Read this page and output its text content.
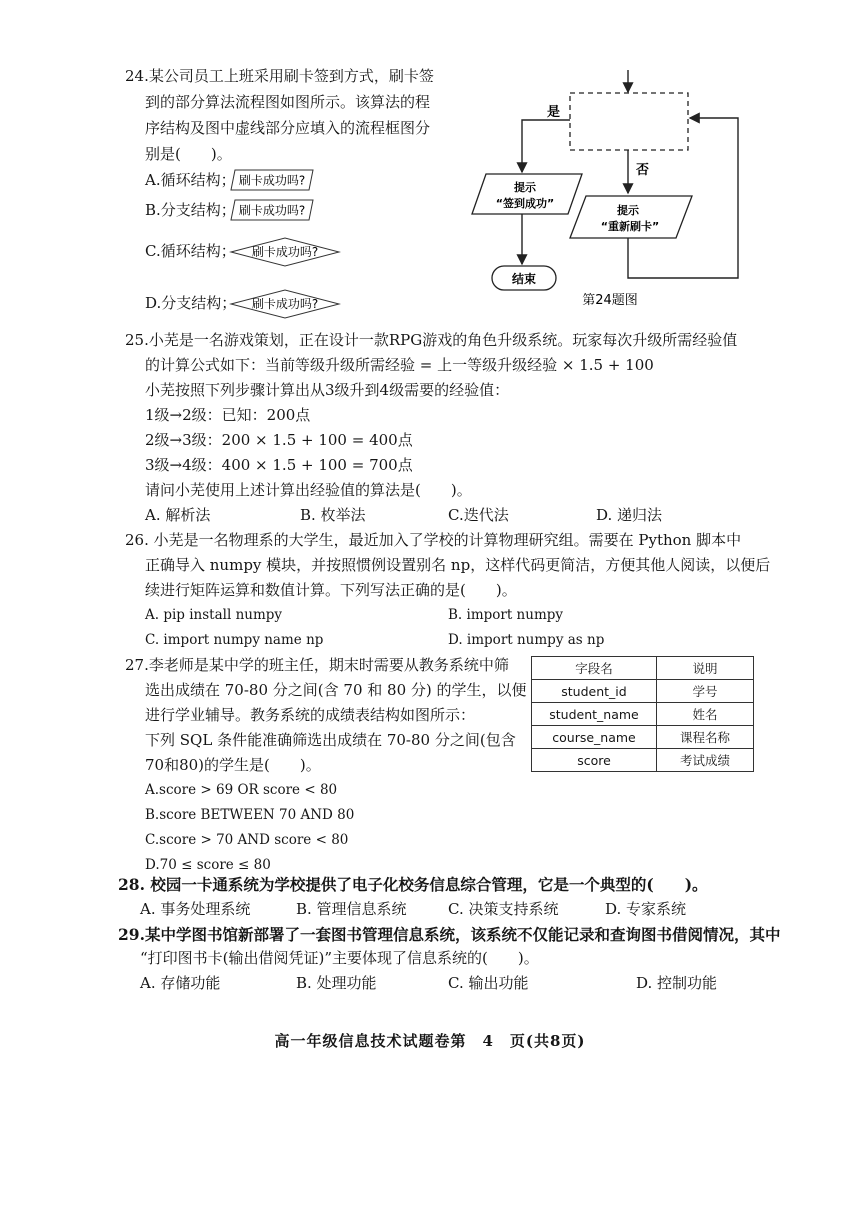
24.某公司员工上班采用刷卡签到方式，刷卡签
到的部分算法流程图如图所示。该算法的程
序结构及图中虚线部分应填入的流程框图分
别是(　　)。
A.循环结构； 刷卡成功吗?
B.分支结构； 刷卡成功吗?
C.循环结构； 刷卡成功吗?
D.分支结构； 刷卡成功吗?
是
提示
“签到成功”
结束
否
提示
“重新刷卡”
第24题图
25.小芜是一名游戏策划，正在设计一款RPG游戏的角色升级系统。玩家每次升级所需经验值
的计算公式如下：当前等级升级所需经验 = 上一等级升级经验 × 1.5 + 100
小芜按照下列步骤计算出从3级升到4级需要的经验值：
1级→2级：已知：200点
2级→3级：200 × 1.5 + 100 = 400点
3级→4级：400 × 1.5 + 100 = 700点
请问小芜使用上述计算出经验值的算法是(　　)。
A. 解析法	B. 枚举法	C.迭代法	D. 递归法
26. 小芜是一名物理系的大学生，最近加入了学校的计算物理研究组。需要在 Python 脚本中
正确导入 numpy 模块，并按照惯例设置别名 np，这样代码更简洁，方便其他人阅读，以便后
续进行矩阵运算和数值计算。下列写法正确的是(　　)。
A. pip install numpy	B. import numpy
C. import numpy name np	D. import numpy as np
27.李老师是某中学的班主任，期末时需要从教务系统中筛
选出成绩在 70-80 分之间(含 70 和 80 分) 的学生，以便
进行学业辅导。教务系统的成绩表结构如图所示：
下列 SQL 条件能准确筛选出成绩在 70-80 分之间(包含
70和80)的学生是(　　)。
A.score > 69 OR score < 80
B.score BETWEEN 70 AND 80
C.score > 70 AND score < 80
D.70 ≤ score ≤ 80
字段名	说明
student_id	学号
student_name	姓名
course_name	课程名称
score	考试成绩
28. 校园一卡通系统为学校提供了电子化校务信息综合管理，它是一个典型的(　　)。
A. 事务处理系统	B. 管理信息系统	C. 决策支持系统	D. 专家系统
29.某中学图书馆新部署了一套图书管理信息系统，该系统不仅能记录和查询图书借阅情况，其中
“打印图书卡(输出借阅凭证)”主要体现了信息系统的(　　)。
A. 存储功能	B. 处理功能	C. 输出功能	D. 控制功能
高一年级信息技术试题卷第　4　页(共8页)
